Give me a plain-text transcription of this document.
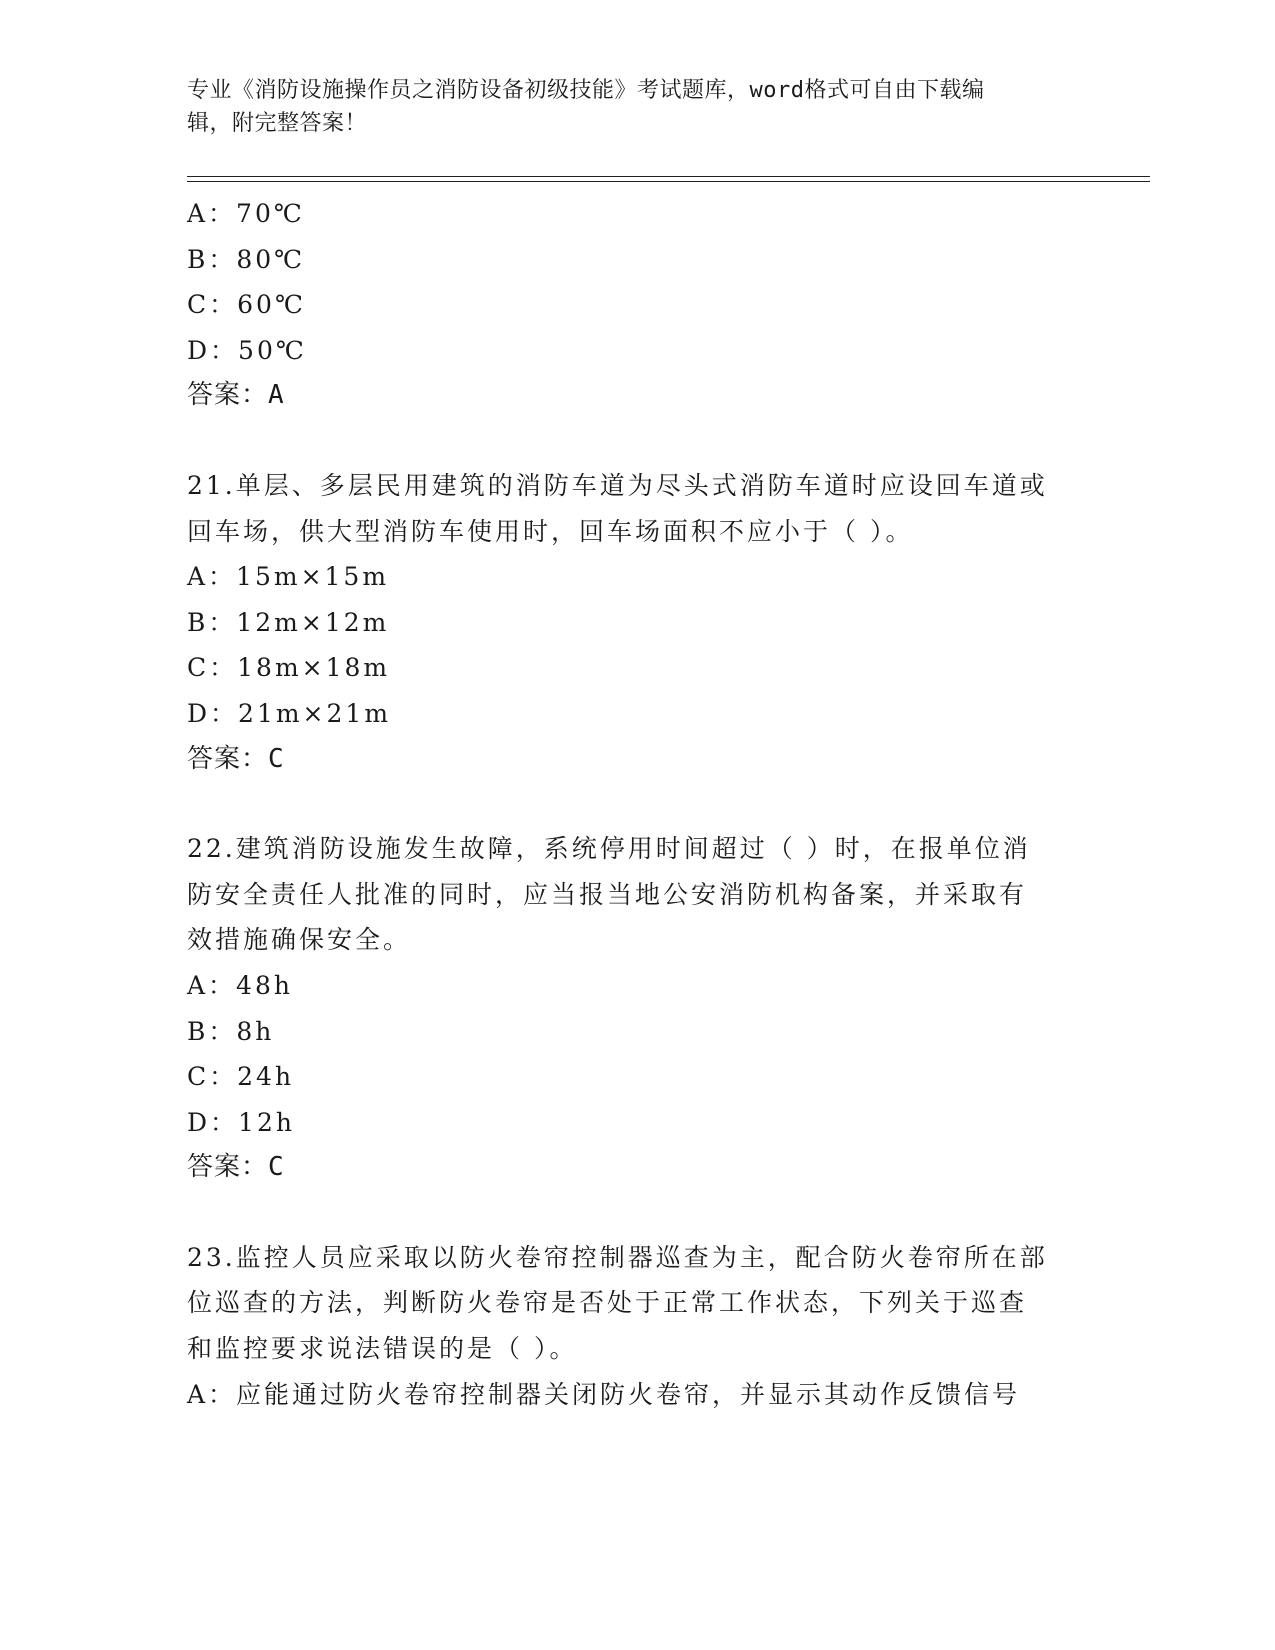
专业《消防设施操作员之消防设备初级技能》考试题库，word格式可自由下载编
辑，附完整答案！
A：70℃
B：80℃
C：60℃
D：50℃
答案：A
21.单层、多层民用建筑的消防车道为尽头式消防车道时应设回车道或
回车场，供大型消防车使用时，回车场面积不应小于（ ）。
A：15m×15m
B：12m×12m
C：18m×18m
D：21m×21m
答案：C
22.建筑消防设施发生故障，系统停用时间超过（ ）时，在报单位消
防安全责任人批准的同时，应当报当地公安消防机构备案，并采取有
效措施确保安全。
A：48h
B：8h
C：24h
D：12h
答案：C
23.监控人员应采取以防火卷帘控制器巡查为主，配合防火卷帘所在部
位巡查的方法，判断防火卷帘是否处于正常工作状态，下列关于巡查
和监控要求说法错误的是（ ）。
A：应能通过防火卷帘控制器关闭防火卷帘，并显示其动作反馈信号
